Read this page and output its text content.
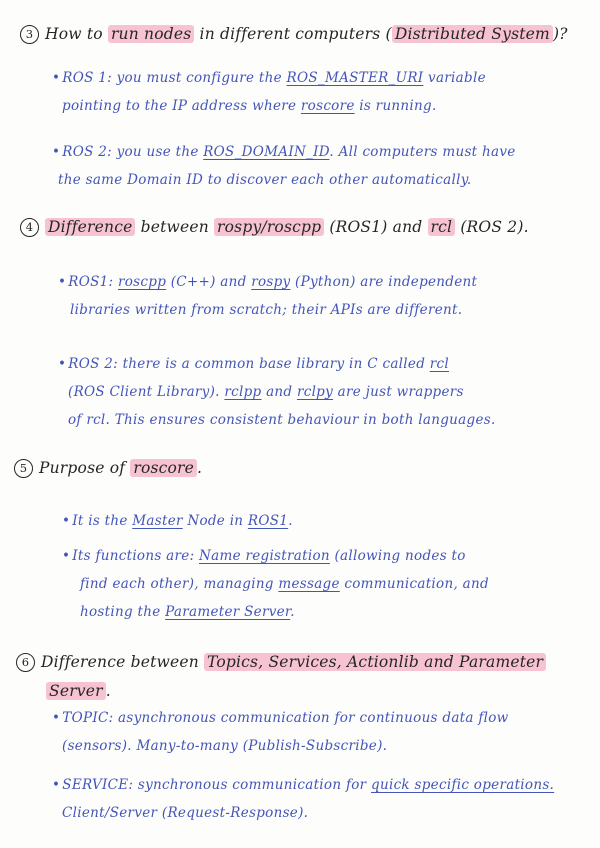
3 How to run nodes in different computers ( Distributed System )?
• ROS 1: you must configure the ROS_MASTER_URI variable
pointing to the IP address where roscore is running.
• ROS 2: you use the ROS_DOMAIN_ID. All computers must have
the same Domain ID to discover each other automatically.
4 Difference between rospy/roscpp (ROS1) and rcl (ROS 2).
• ROS1: roscpp (C++) and rospy (Python) are independent
libraries written from scratch; their APIs are different.
• ROS 2: there is a common base library in C called rcl
(ROS Client Library). rclpp and rclpy are just wrappers
of rcl. This ensures consistent behaviour in both languages.
5 Purpose of roscore .
• It is the Master Node in ROS1.
• Its functions are: Name registration (allowing nodes to
find each other), managing message communication, and
hosting the Parameter Server.
6 Difference between Topics, Services, Actionlib and Parameter
Server .
• TOPIC: asynchronous communication for continuous data flow
(sensors). Many-to-many (Publish-Subscribe).
• SERVICE: synchronous communication for quick specific operations.
Client/Server (Request-Response).
